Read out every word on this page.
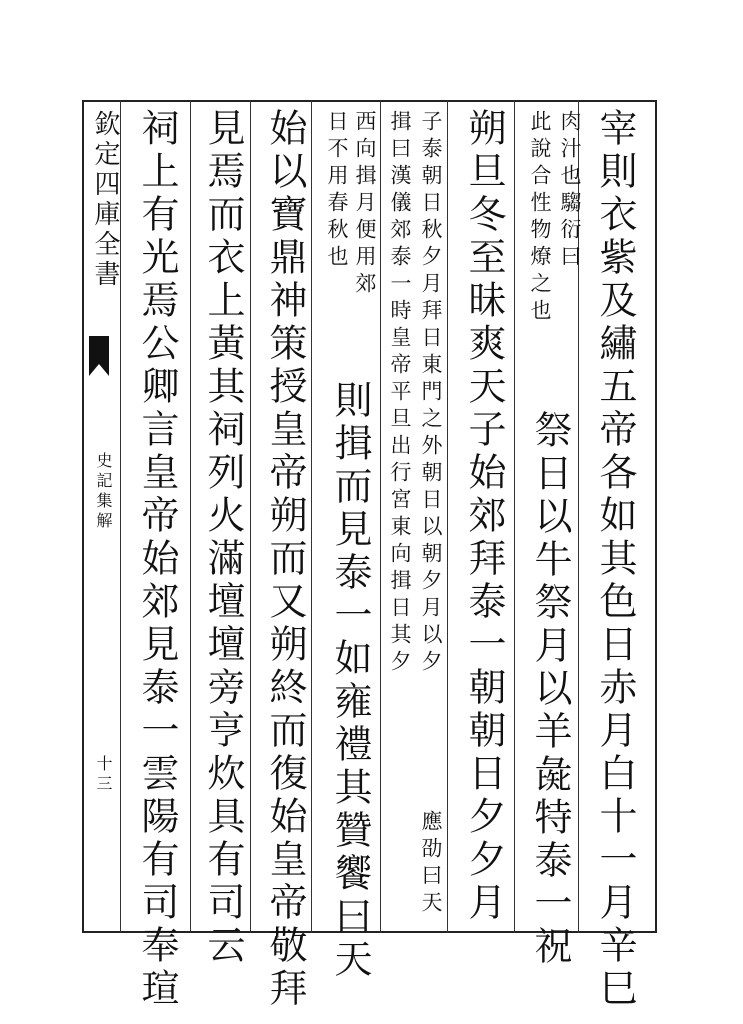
欽定四庫全書
史記集解
十三	宰則衣紫及繡五帝各如其色日赤月白十一月辛巳
肉汁也騶衍曰
此說合性物燎之也
祭日以牛祭月以羊彘特泰一祝
朔旦冬至昧爽天子始郊拜泰一朝朝日夕夕月
子泰朝日秋夕月拜日東門之外朝日以朝夕月以夕
應劭曰天
揖曰漢儀郊泰一時皇帝平旦出行宮東向揖日其夕
西向揖月便用郊
日不用春秋也
則揖而見泰一如雍禮其贊饗曰天
始以寶鼎神策授皇帝朔而又朔終而復始皇帝敬拜
見焉而衣上黃其祠列火滿壇壇旁亨炊具有司云
祠上有光焉公卿言皇帝始郊見泰一雲陽有司奉瑄
